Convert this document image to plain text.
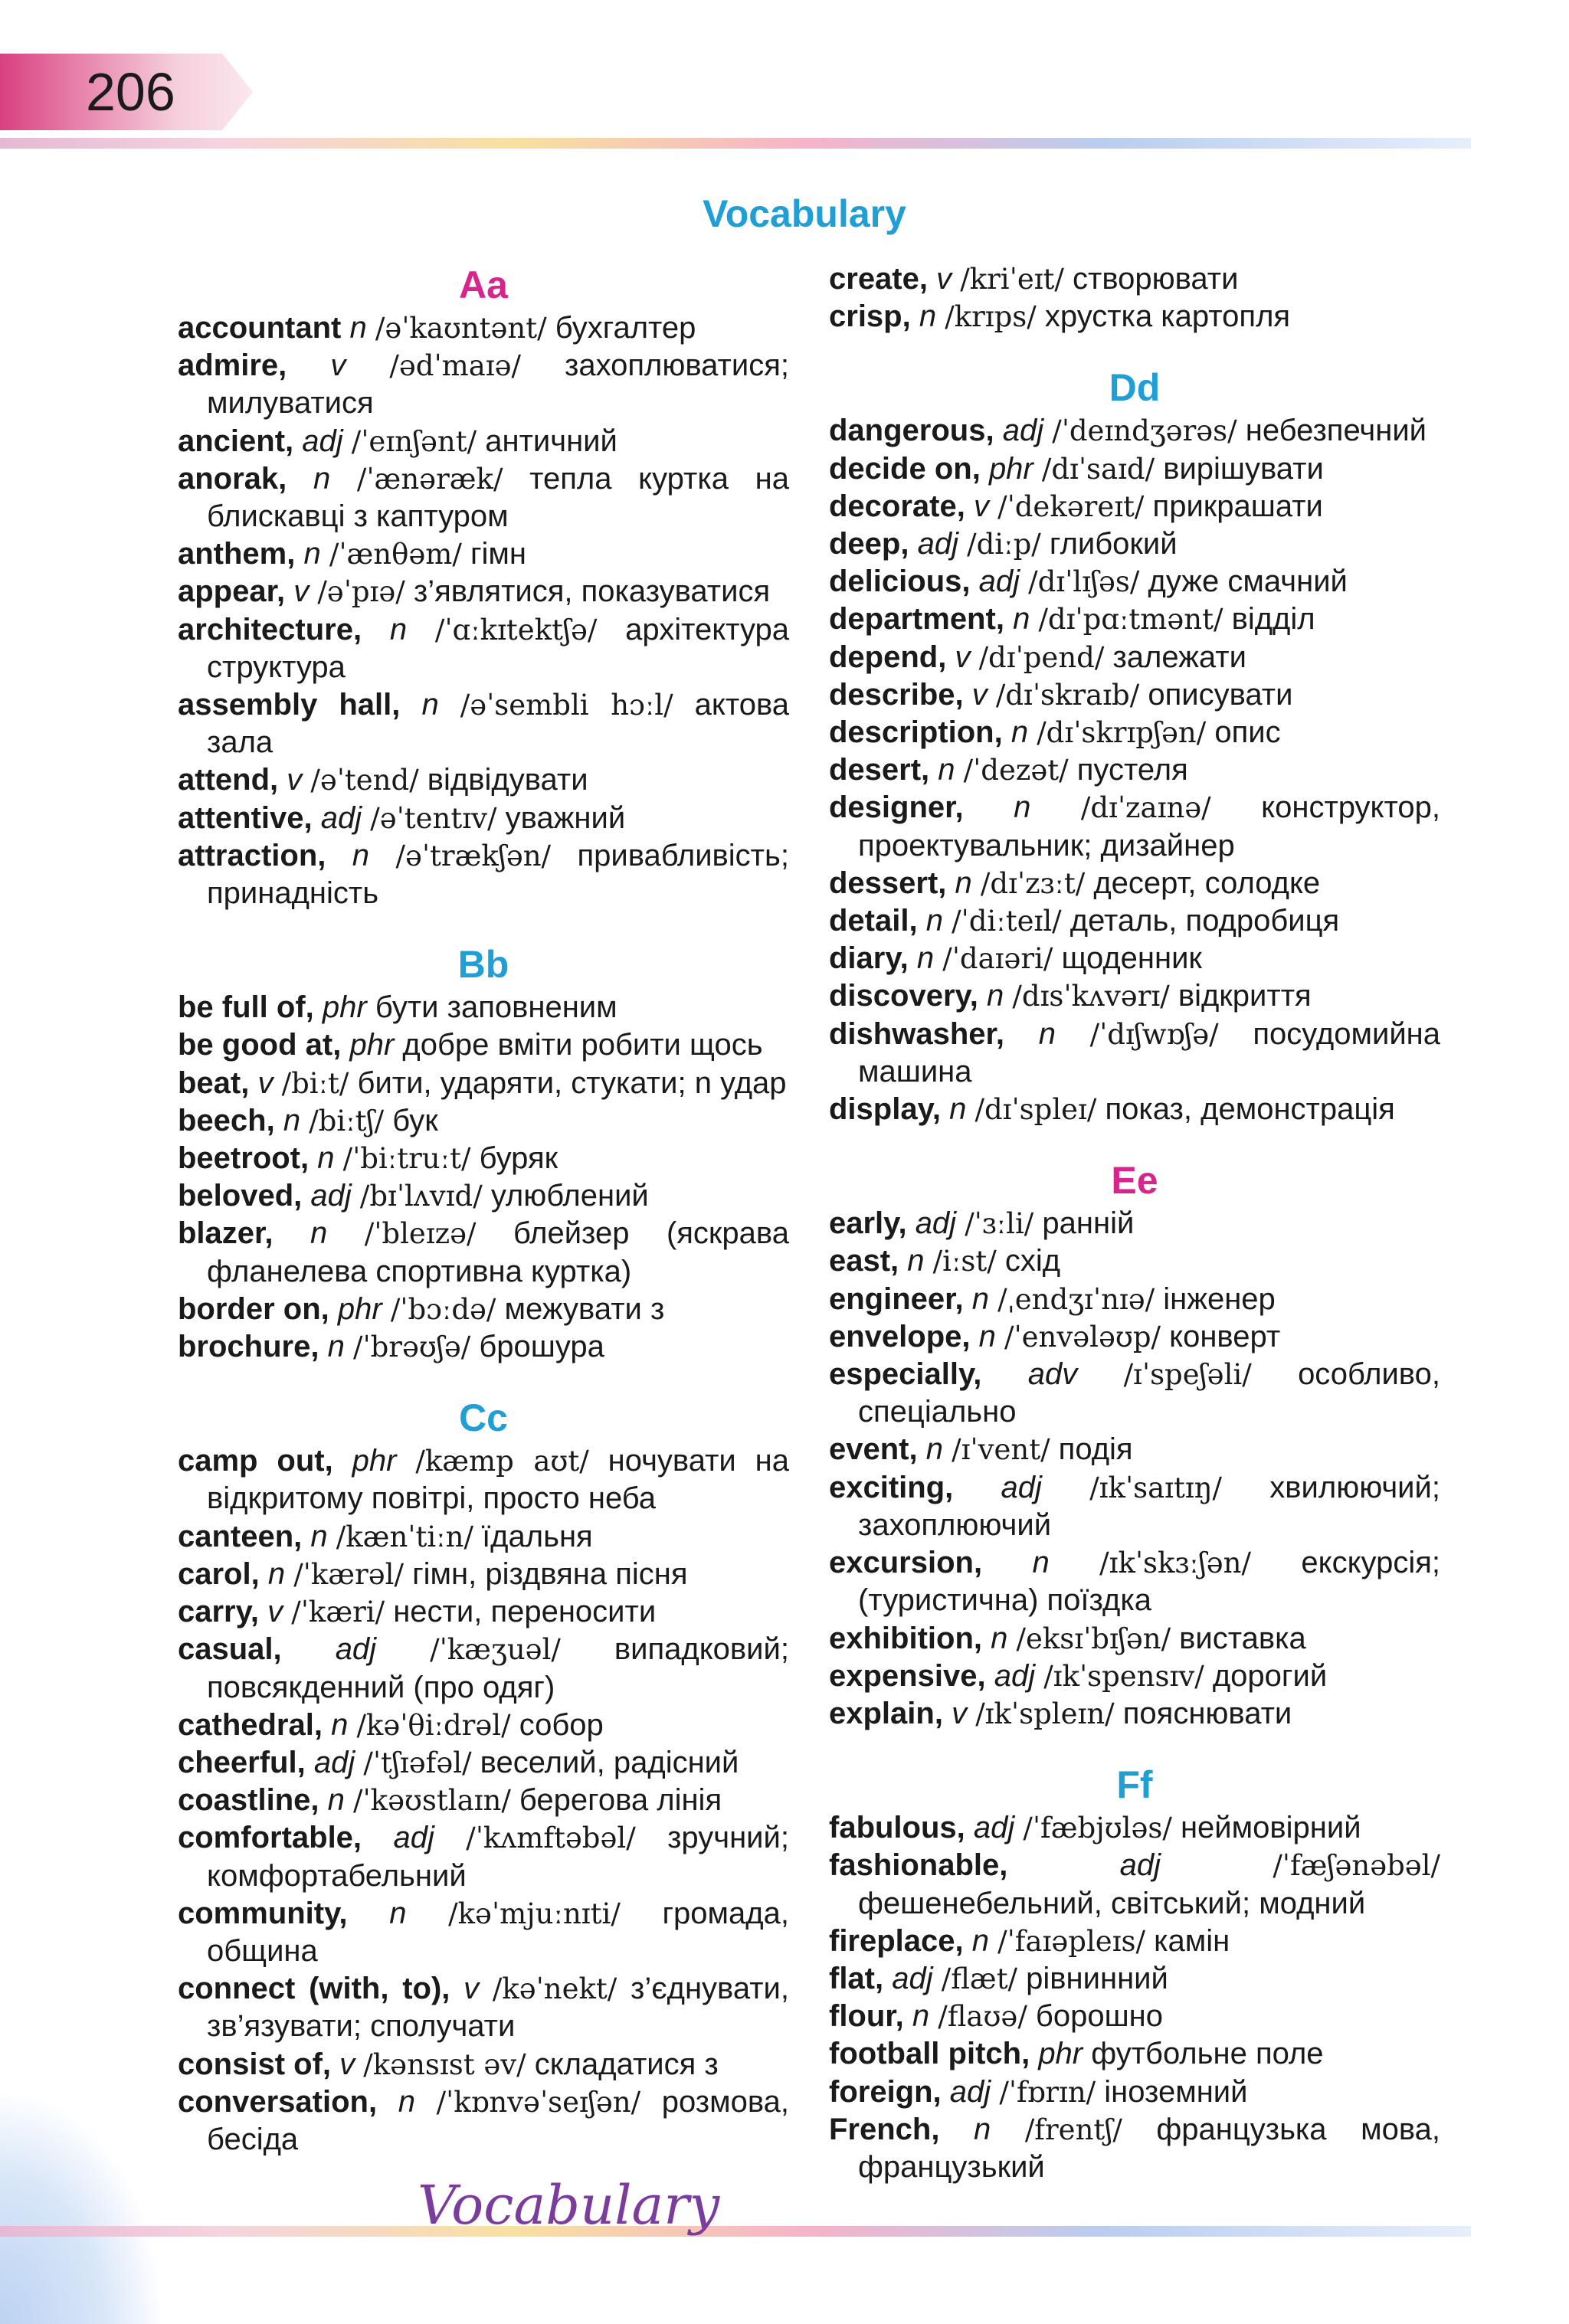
206
Vocabulary
Aa
accountant n /əˈkaʊntənt/ бухгалтер
admire, v /ədˈmaɪə/ захоплюватися; милуватися
ancient, adj /ˈeɪnʃənt/ античний
anorak, n /ˈænəræk/ тепла куртка на блискавці з каптуром
anthem, n /ˈænθəm/ гімн
appear, v /əˈpɪə/ з’являтися, показуватися
architecture, n /ˈɑːkɪtektʃə/ архітектура структура
assembly hall, n /əˈsembli hɔːl/ актова зала
attend, v /əˈtend/ відвідувати
attentive, adj /əˈtentɪv/ уважний
attraction, n /əˈtrækʃən/ привабливість; принадність
Bb
be full of, phr бути заповненим
be good at, phr добре вміти робити щось
beat, v /biːt/ бити, ударяти, стукати; n удар
beech, n /biːtʃ/ бук
beetroot, n /ˈbiːtruːt/ буряк
beloved, adj /bɪˈlʌvɪd/ улюблений
blazer, n /ˈbleɪzə/ блейзер (яскрава фланелева спортивна куртка)
border on, phr /ˈbɔːdə/ межувати з
brochure, n /ˈbrəʊʃə/ брошура
Cc
camp out, phr /kæmp aʊt/ ночувати на відкритому повітрі, просто неба
canteen, n /kænˈtiːn/ їдальня
carol, n /ˈkærəl/ гімн, різдвяна пісня
carry, v /ˈkæri/ нести, переносити
casual, adj /ˈkæʒuəl/ випадковий; повсякденний (про одяг)
cathedral, n /kəˈθiːdrəl/ собор
cheerful, adj /ˈtʃɪəfəl/ веселий, радісний
coastline, n /ˈkəʊstlaɪn/ берегова лінія
comfortable, adj /ˈkʌmftəbəl/ зручний; комфортабельний
community, n /kəˈmjuːnɪti/ громада, община
connect (with, to), v /kəˈnekt/ з’єднувати, зв’язувати; сполучати
consist of, v /kənsɪst əv/ складатися з
conversation, n /ˈkɒnvəˈseɪʃən/ розмова, бесіда
create, v /kriˈeɪt/ створювати
crisp, n /krɪps/ хрустка картопля
Dd
dangerous, adj /ˈdeɪndʒərəs/ небезпечний
decide on, phr /dɪˈsaɪd/ вирішувати
decorate, v /ˈdekəreɪt/ прикрашати
deep, adj /diːp/ глибокий
delicious, adj /dɪˈlɪʃəs/ дуже смачний
department, n /dɪˈpɑːtmənt/ відділ
depend, v /dɪˈpend/ залежати
describe, v /dɪˈskraɪb/ описувати
description, n /dɪˈskrɪpʃən/ опис
desert, n /ˈdezət/ пустеля
designer, n /dɪˈzaɪnə/ конструктор, проектувальник; дизайнер
dessert, n /dɪˈzɜːt/ десерт, солодке
detail, n /ˈdiːteɪl/ деталь, подробиця
diary, n /ˈdaɪəri/ щоденник
discovery, n /dɪsˈkʌvərɪ/ відкриття
dishwasher, n /ˈdɪʃwɒʃə/ посудомийна машина
display, n /dɪˈspleɪ/ показ, демонстрація
Ee
early, adj /ˈɜːli/ ранній
east, n /iːst/ схід
engineer, n /ˌendʒɪˈnɪə/ інженер
envelope, n /ˈenvələʊp/ конверт
especially, adv /ɪˈspeʃəli/ особливо, спеціально
event, n /ɪˈvent/ подія
exciting, adj /ɪkˈsaɪtɪŋ/ хвилюючий; захоплюючий
excursion, n /ɪkˈskɜːʃən/ екскурсія; (туристична) поїздка
exhibition, n /eksɪˈbɪʃən/ виставка
expensive, adj /ɪkˈspensɪv/ дорогий
explain, v /ɪkˈspleɪn/ пояснювати
Ff
fabulous, adj /ˈfæbjʊləs/ неймовірний
fashionable,	adj	/ˈfæʃənəbəl/ фешенебельний, світський; модний
fireplace, n /ˈfaɪəpleɪs/ камін
flat, adj /flæt/ рівнинний
flour, n /flaʊə/ борошно
football pitch, phr футбольне поле
foreign, adj /ˈfɒrɪn/ іноземний
French, n /frentʃ/ французька мова, французький
Vocabulary
